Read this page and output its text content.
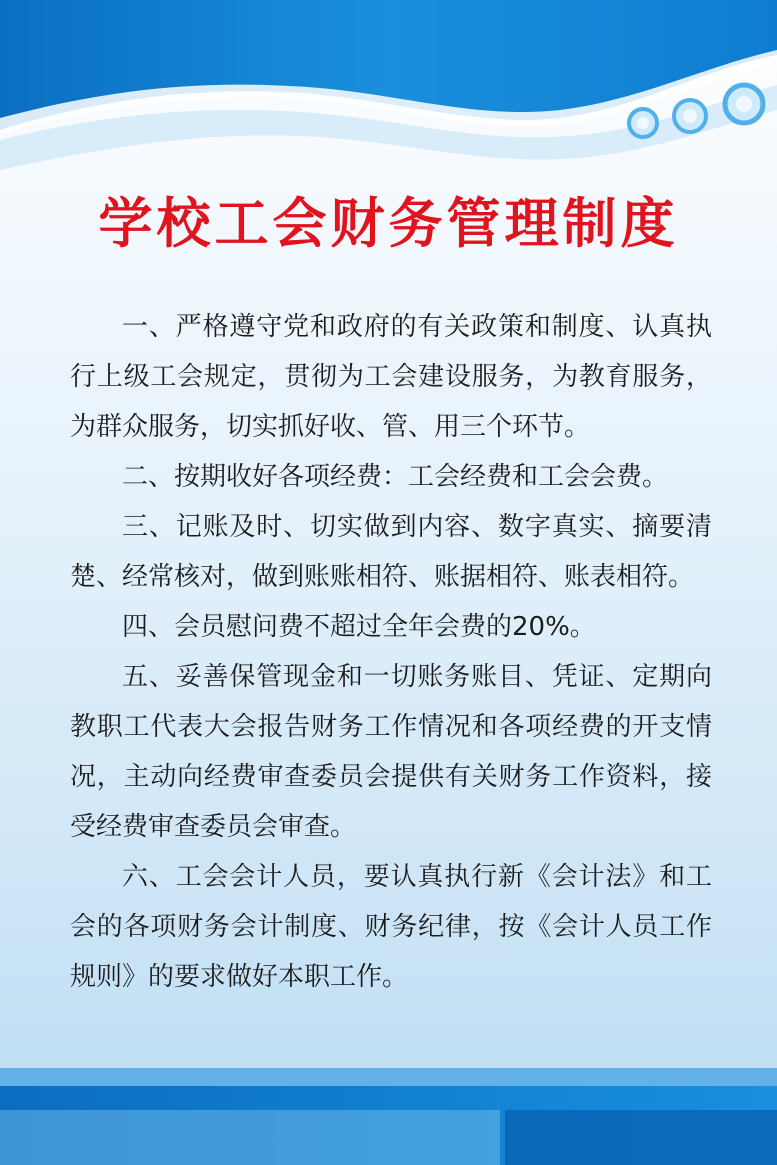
学校工会财务管理制度

一、严格遵守党和政府的有关政策和制度、认真执行上级工会规定，贯彻为工会建设服务，为教育服务，为群众服务，切实抓好收、管、用三个环节。

二、按期收好各项经费：工会经费和工会会费。

三、记账及时、切实做到内容、数字真实、摘要清楚、经常核对，做到账账相符、账据相符、账表相符。

四、会员慰问费不超过全年会费的20%。

五、妥善保管现金和一切账务账目、凭证、定期向教职工代表大会报告财务工作情况和各项经费的开支情况，主动向经费审查委员会提供有关财务工作资料，接受经费审查委员会审查。

六、工会会计人员，要认真执行新《会计法》和工会的各项财务会计制度、财务纪律，按《会计人员工作规则》的要求做好本职工作。
